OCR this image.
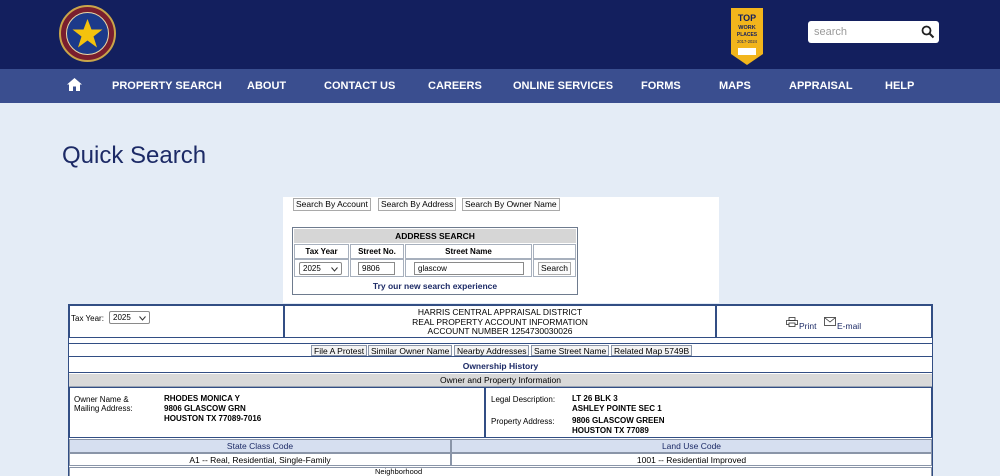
TOP
WORK
PLACES
2017-2024
search
PROPERTY SEARCH ABOUT	CONTACT US	CAREERS	ONLINE SERVICES	FORMS	MAPS	APPRAISAL	HELP
Quick Search
Search By Account	Search By Address	Search By Owner Name
ADDRESS SEARCH
Tax Year	Street No.	Street Name
2025	9806	glascow	Search
Try our new search experience
Tax Year:	2025
HARRIS CENTRAL APPRAISAL DISTRICT
REAL PROPERTY ACCOUNT INFORMATION
ACCOUNT NUMBER 1254730030026	Print E-mail
File A Protest Similar Owner Name Nearby Addresses Same Street Name Related Map 5749B
Ownership History
Owner and Property Information
Owner Name &
Mailing Address:
RHODES MONICA Y
9806 GLASCOW GRN
HOUSTON TX 77089-7016
Legal Description: LT 26 BLK 3
ASHLEY POINTE SEC 1
Property Address: 9806 GLASCOW GREEN
HOUSTON TX 77089
State Class Code	Land Use Code
A1 -- Real, Residential, Single-Family	1001 -- Residential Improved
Neighborhood
